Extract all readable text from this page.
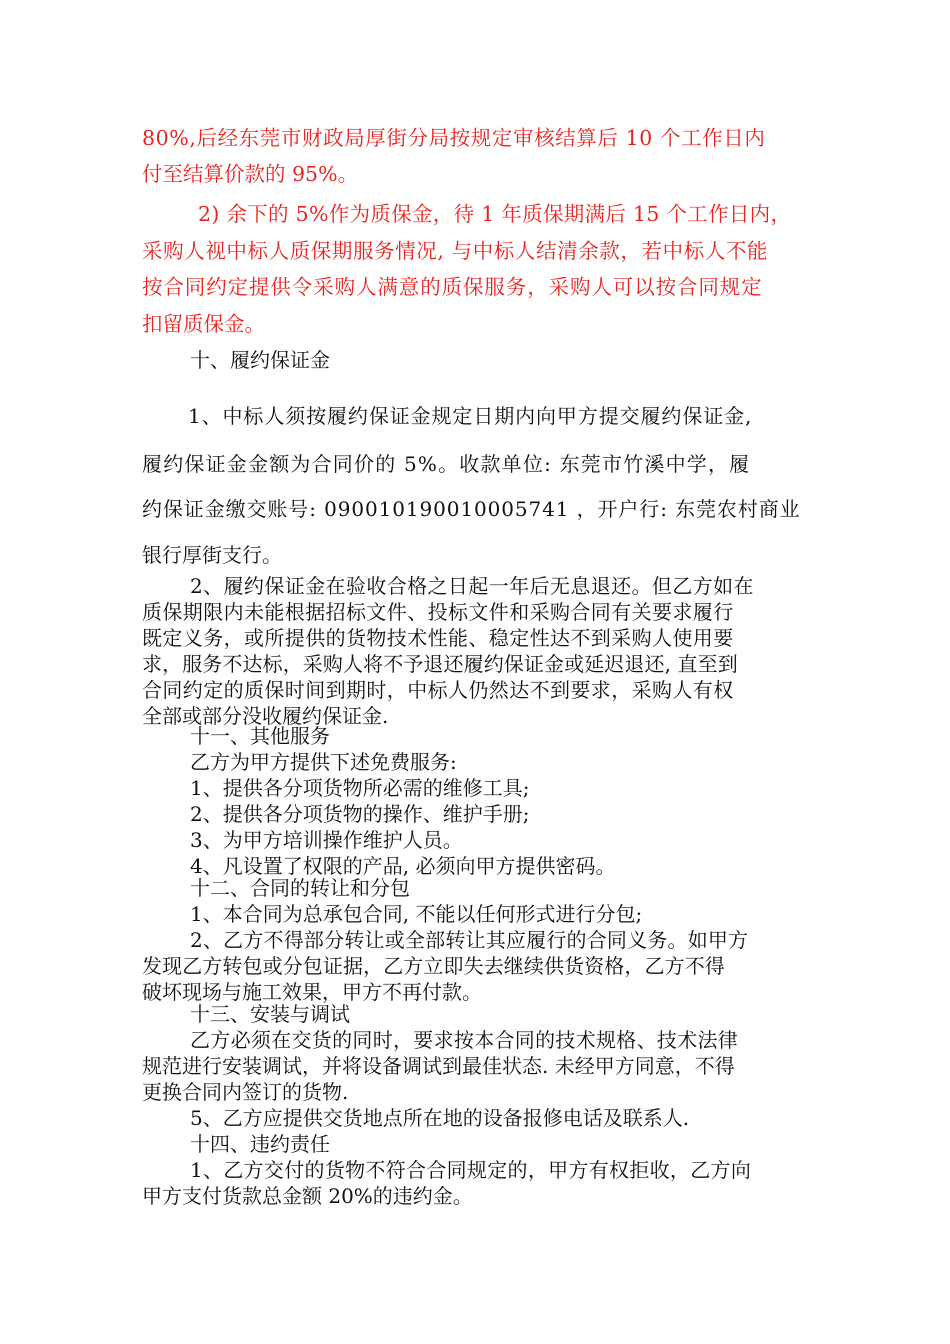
80%,后经东莞市财政局厚街分局按规定审核结算后 10 个工作日内
付至结算价款的 95%。
2) 余下的 5%作为质保金，待 1 年质保期满后 15 个工作日内，
采购人视中标人质保期服务情况, 与中标人结清余款，若中标人不能
按合同约定提供令采购人满意的质保服务，采购人可以按合同规定
扣留质保金。
十、履约保证金
1、中标人须按履约保证金规定日期内向甲方提交履约保证金,
履约保证金金额为合同价的 5%。收款单位: 东莞市竹溪中学，履
约保证金缴交账号: 090010190010005741 ，开户行: 东莞农村商业
银行厚街支行。
2、履约保证金在验收合格之日起一年后无息退还。但乙方如在
质保期限内未能根据招标文件、投标文件和采购合同有关要求履行
既定义务，或所提供的货物技术性能、稳定性达不到采购人使用要
求，服务不达标，采购人将不予退还履约保证金或延迟退还, 直至到
合同约定的质保时间到期时，中标人仍然达不到要求，采购人有权
全部或部分没收履约保证金.
十一、其他服务
乙方为甲方提供下述免费服务:
1、提供各分项货物所必需的维修工具;
2、提供各分项货物的操作、维护手册;
3、为甲方培训操作维护人员。
4、凡设置了权限的产品, 必须向甲方提供密码。
十二、合同的转让和分包
1、本合同为总承包合同, 不能以任何形式进行分包;
2、乙方不得部分转让或全部转让其应履行的合同义务。如甲方
发现乙方转包或分包证据，乙方立即失去继续供货资格，乙方不得
破坏现场与施工效果，甲方不再付款。
十三、安装与调试
乙方必须在交货的同时，要求按本合同的技术规格、技术法律
规范进行安装调试，并将设备调试到最佳状态. 未经甲方同意，不得
更换合同内签订的货物.
5、乙方应提供交货地点所在地的设备报修电话及联系人.
十四、违约责任
1、乙方交付的货物不符合合同规定的，甲方有权拒收，乙方向
甲方支付货款总金额 20%的违约金。
